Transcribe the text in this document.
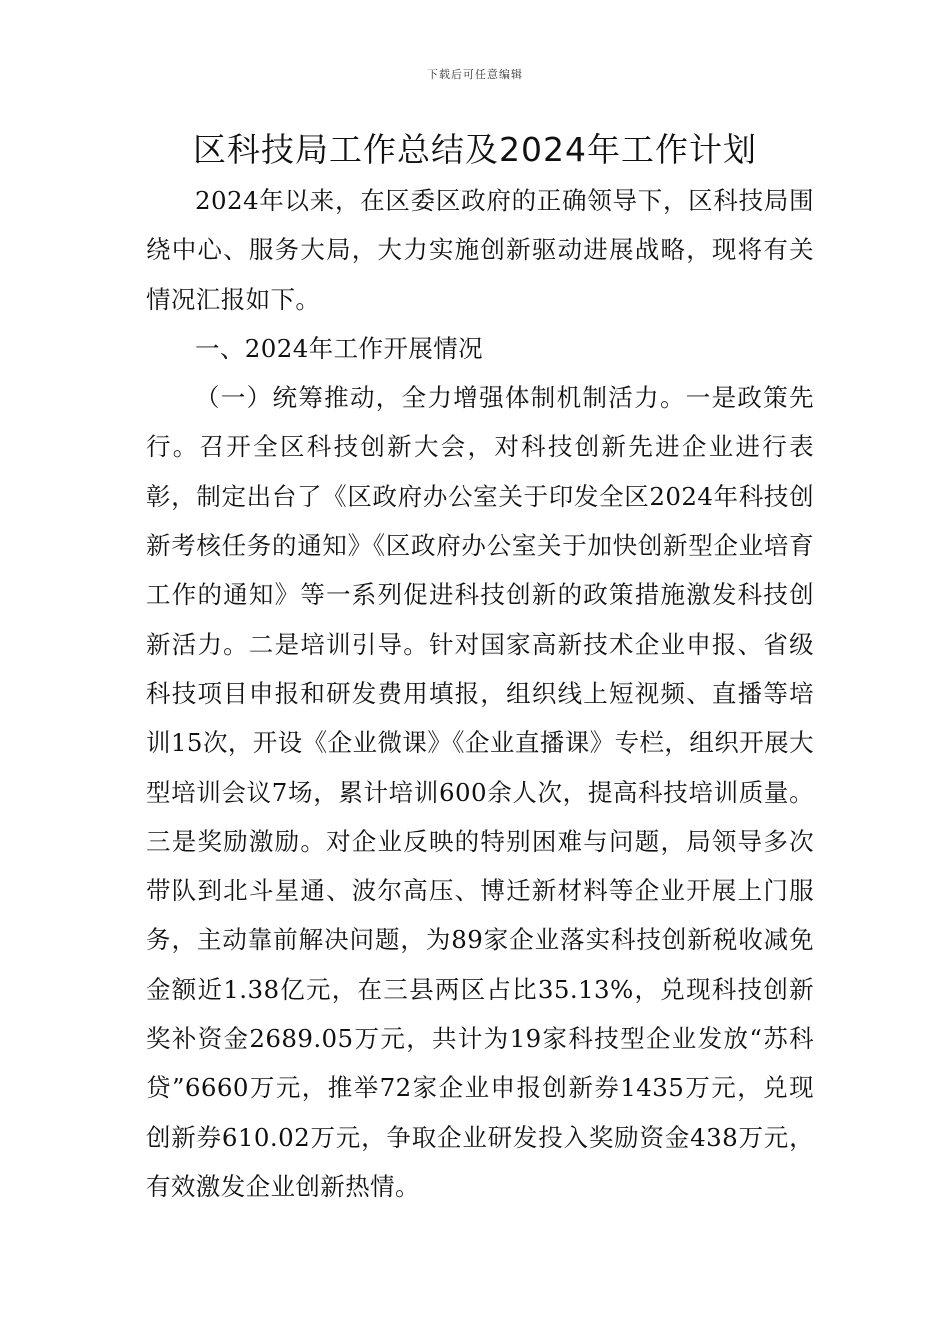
下载后可任意编辑
区科技局工作总结及2024年工作计划

2024年以来，在区委区政府的正确领导下，区科技局围绕中心、服务大局，大力实施创新驱动进展战略，现将有关情况汇报如下。

一、2024年工作开展情况

（一）统筹推动，全力增强体制机制活力。一是政策先行。召开全区科技创新大会，对科技创新先进企业进行表彰，制定出台了《区政府办公室关于印发全区2024年科技创新考核任务的通知》《区政府办公室关于加快创新型企业培育工作的通知》等一系列促进科技创新的政策措施激发科技创新活力。二是培训引导。针对国家高新技术企业申报、省级科技项目申报和研发费用填报，组织线上短视频、直播等培训15次，开设《企业微课》《企业直播课》专栏，组织开展大型培训会议7场，累计培训600余人次，提高科技培训质量。三是奖励激励。对企业反映的特别困难与问题，局领导多次带队到北斗星通、波尔高压、博迁新材料等企业开展上门服务，主动靠前解决问题，为89家企业落实科技创新税收减免金额近1.38亿元，在三县两区占比35.13%，兑现科技创新奖补资金2689.05万元，共计为19家科技型企业发放“苏科贷”6660万元，推举72家企业申报创新券1435万元，兑现创新券610.02万元，争取企业研发投入奖励资金438万元，有效激发企业创新热情。
